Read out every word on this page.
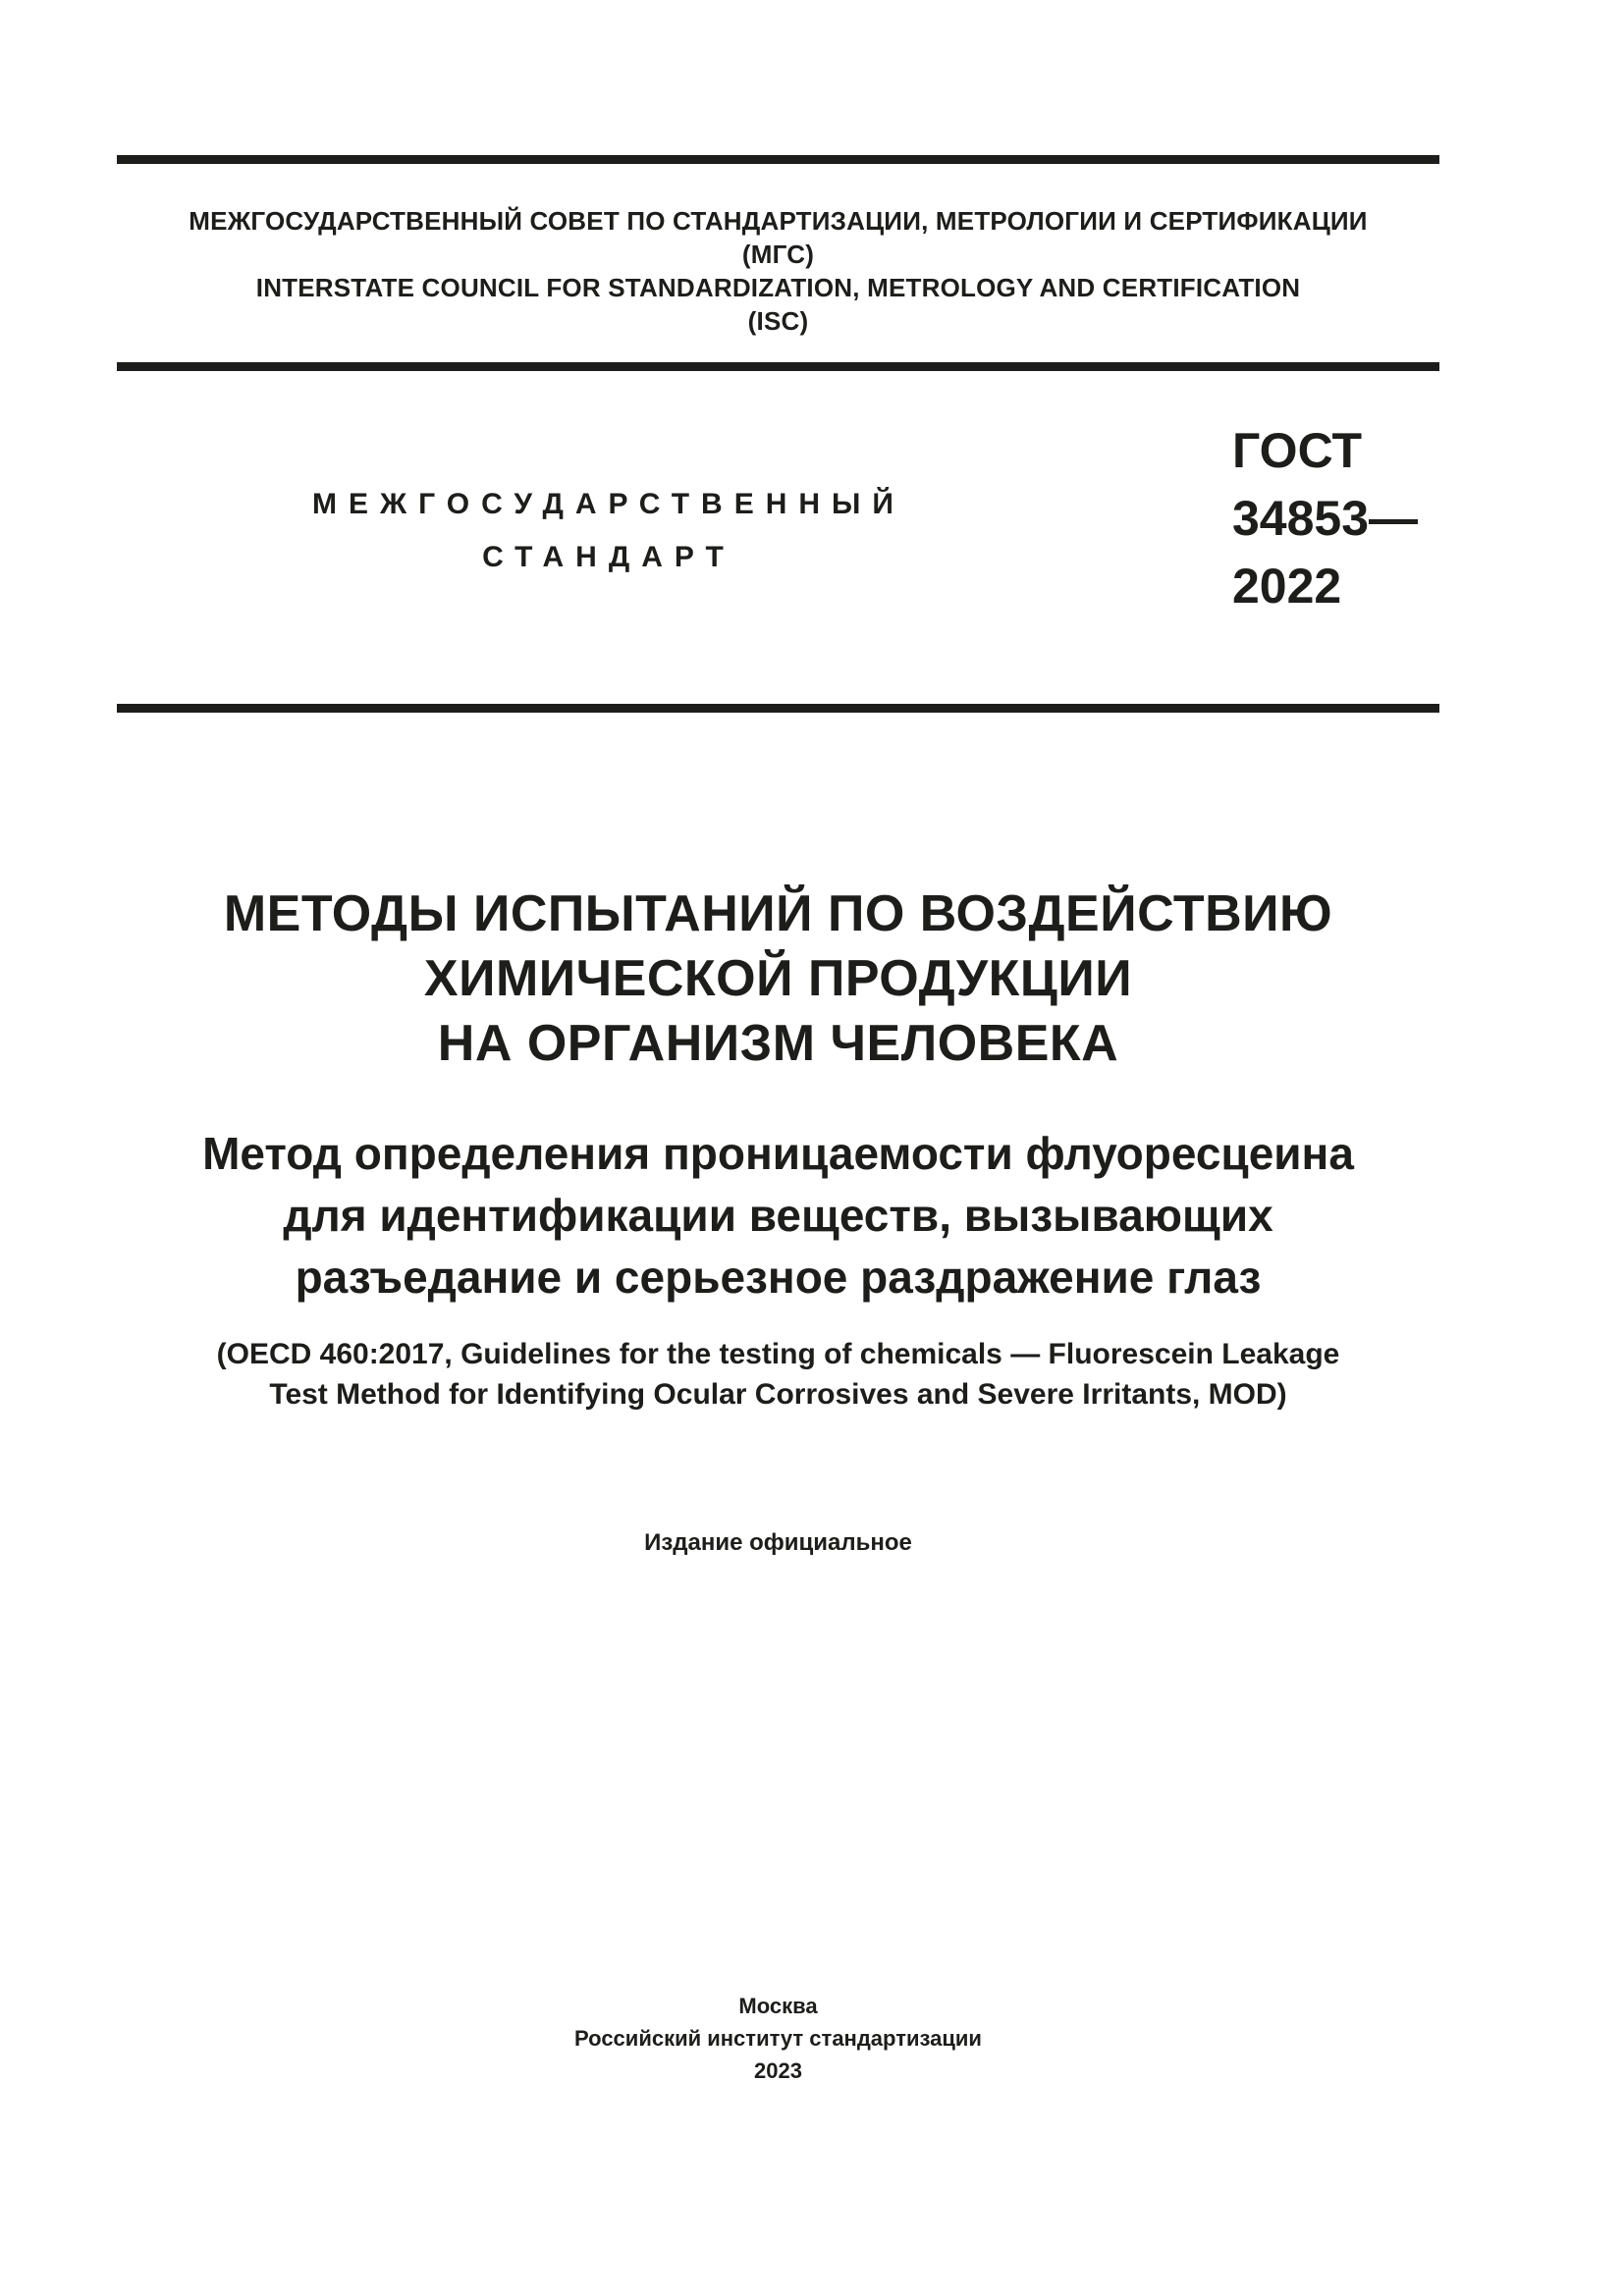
МЕЖГОСУДАРСТВЕННЫЙ СОВЕТ ПО СТАНДАРТИЗАЦИИ, МЕТРОЛОГИИ И СЕРТИФИКАЦИИ
(МГС)
INTERSTATE COUNCIL FOR STANDARDIZATION, METROLOGY AND CERTIFICATION
(ISC)
МЕЖГОСУДАРСТВЕННЫЙ
СТАНДАРТ
ГОСТ
34853—
2022
МЕТОДЫ ИСПЫТАНИЙ ПО ВОЗДЕЙСТВИЮ
ХИМИЧЕСКОЙ ПРОДУКЦИИ
НА ОРГАНИЗМ ЧЕЛОВЕКА
Метод определения проницаемости флуоресцеина
для идентификации веществ, вызывающих
разъедание и серьезное раздражение глаз
(OECD 460:2017, Guidelines for the testing of chemicals — Fluorescein Leakage
Test Method for Identifying Ocular Corrosives and Severe Irritants, MOD)
Издание официальное
Москва
Российский институт стандартизации
2023
